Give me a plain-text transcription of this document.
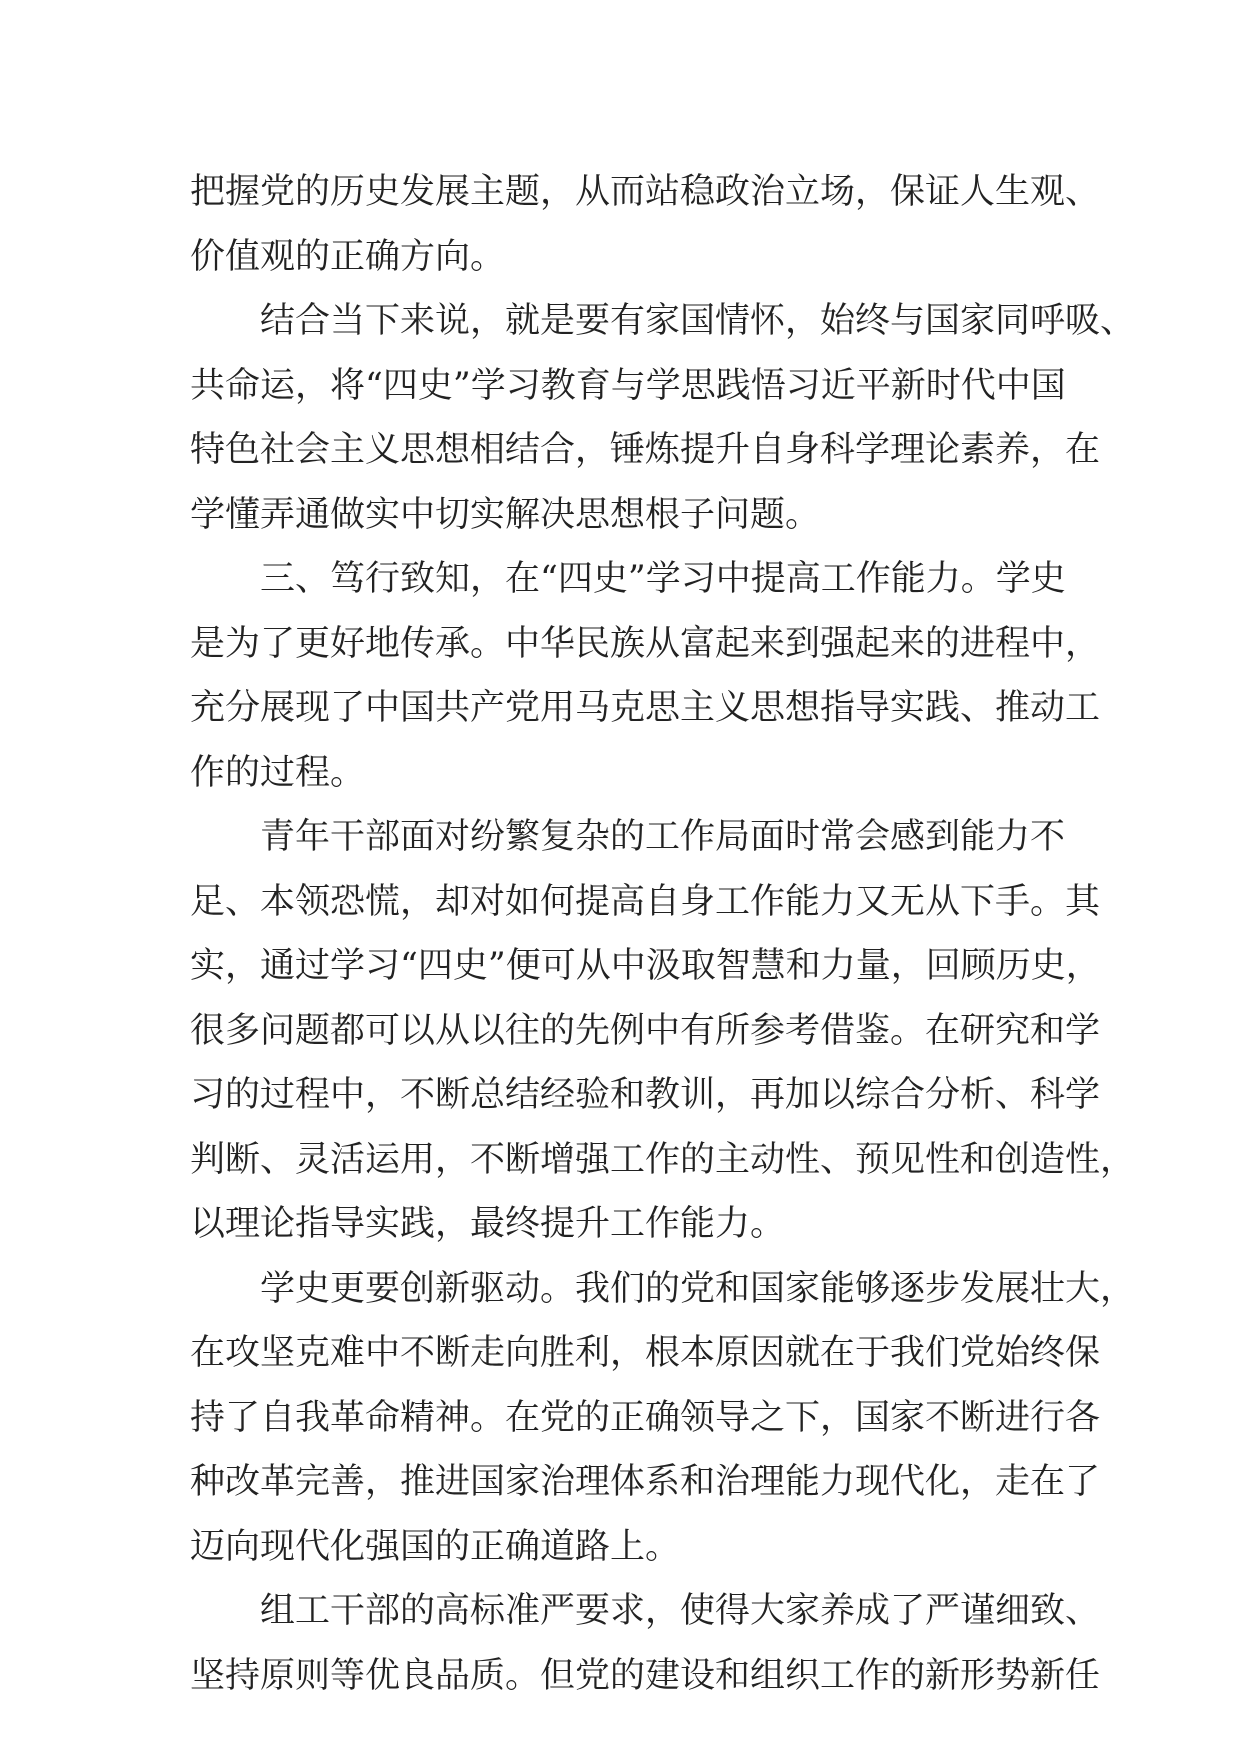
把握党的历史发展主题，从而站稳政治立场，保证人生观、
价值观的正确方向。
结合当下来说，就是要有家国情怀，始终与国家同呼吸、
共命运，将“四史”学习教育与学思践悟习近平新时代中国
特色社会主义思想相结合，锤炼提升自身科学理论素养，在
学懂弄通做实中切实解决思想根子问题。
三、笃行致知，在“四史”学习中提高工作能力。学史
是为了更好地传承。中华民族从富起来到强起来的进程中，
充分展现了中国共产党用马克思主义思想指导实践、推动工
作的过程。
青年干部面对纷繁复杂的工作局面时常会感到能力不
足、本领恐慌，却对如何提高自身工作能力又无从下手。其
实，通过学习“四史”便可从中汲取智慧和力量，回顾历史，
很多问题都可以从以往的先例中有所参考借鉴。在研究和学
习的过程中，不断总结经验和教训，再加以综合分析、科学
判断、灵活运用，不断增强工作的主动性、预见性和创造性，
以理论指导实践，最终提升工作能力。
学史更要创新驱动。我们的党和国家能够逐步发展壮大，
在攻坚克难中不断走向胜利，根本原因就在于我们党始终保
持了自我革命精神。在党的正确领导之下，国家不断进行各
种改革完善，推进国家治理体系和治理能力现代化，走在了
迈向现代化强国的正确道路上。
组工干部的高标准严要求，使得大家养成了严谨细致、
坚持原则等优良品质。但党的建设和组织工作的新形势新任
